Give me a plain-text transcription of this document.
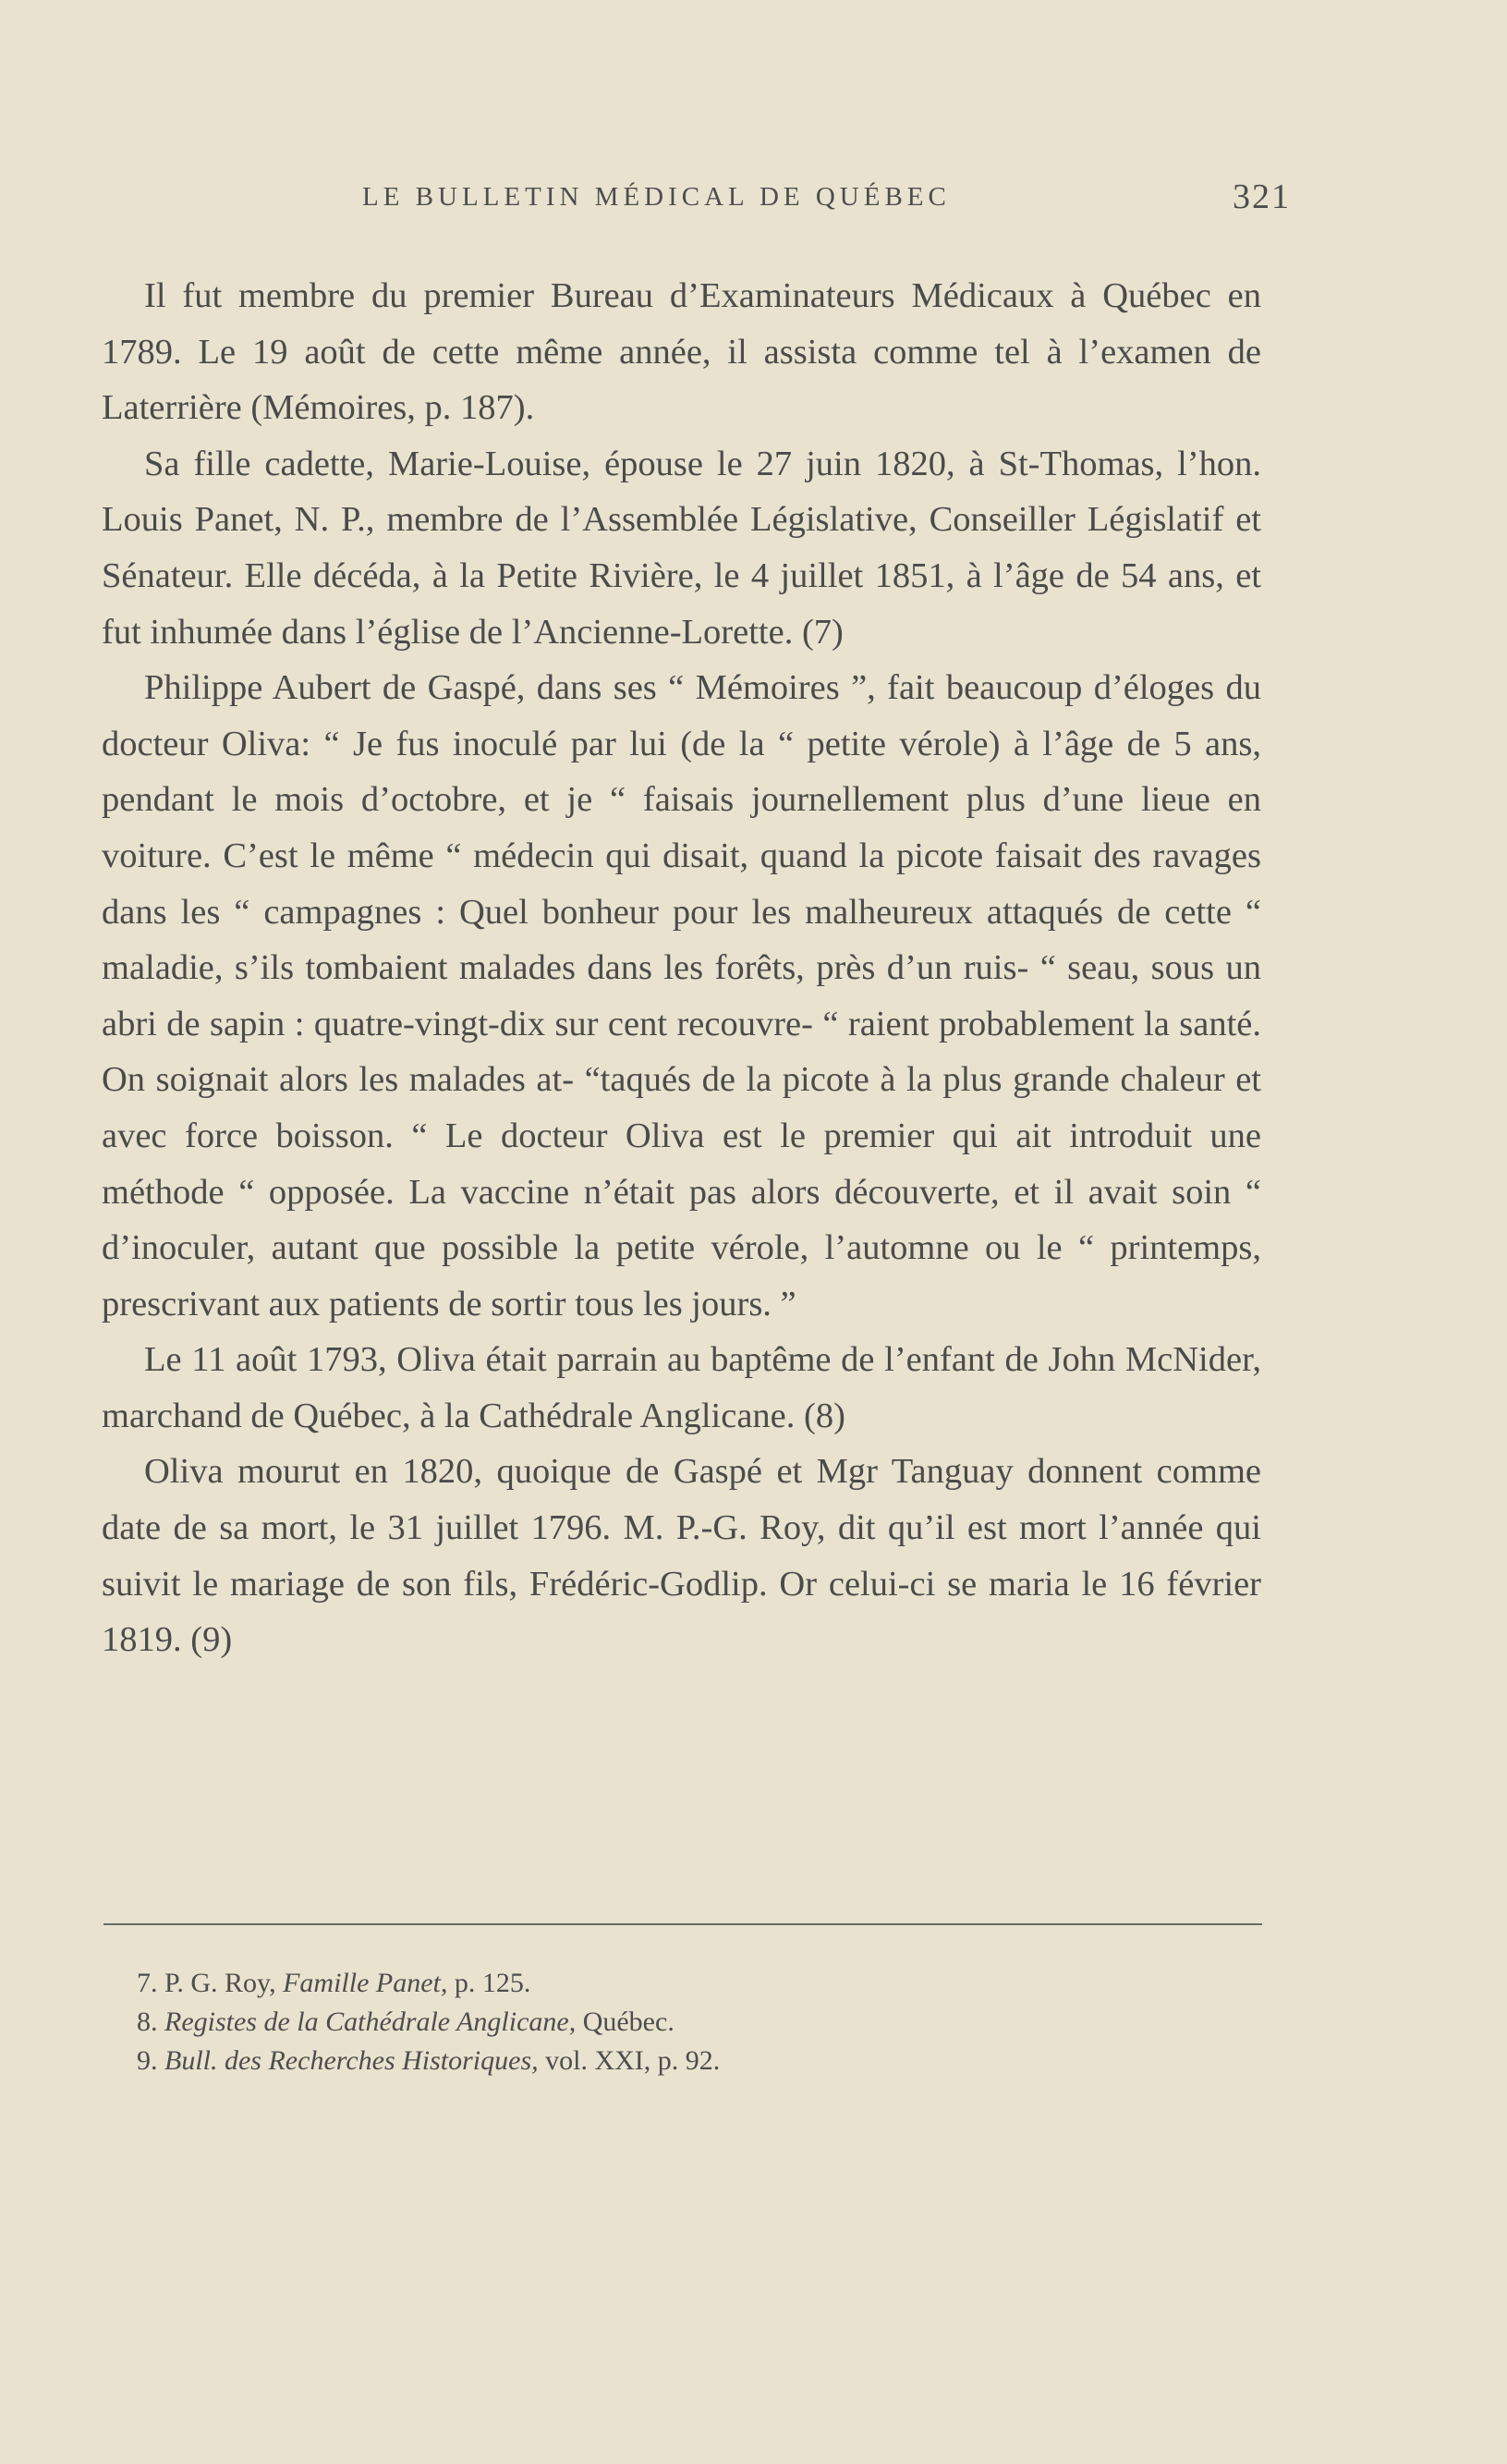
LE BULLETIN MÉDICAL DE QUÉBEC	321

Il fut membre du premier Bureau d’Examinateurs Médicaux à Québec en 1789. Le 19 août de cette même année, il assista comme tel à l’examen de Laterrière (Mémoires, p. 187).

Sa fille cadette, Marie-Louise, épouse le 27 juin 1820, à St-Thomas, l’hon. Louis Panet, N. P., membre de l’Assemblée Législative, Conseiller Législatif et Sénateur. Elle décéda, à la Petite Rivière, le 4 juillet 1851, à l’âge de 54 ans, et fut inhumée dans l’église de l’Ancienne-Lorette. (7)

Philippe Aubert de Gaspé, dans ses “ Mémoires ”, fait beaucoup d’éloges du docteur Oliva: “ Je fus inoculé par lui (de la “ petite vérole) à l’âge de 5 ans, pendant le mois d’octobre, et je “ faisais journellement plus d’une lieue en voiture. C’est le même “ médecin qui disait, quand la picote faisait des ravages dans les “ campagnes : Quel bonheur pour les malheureux attaqués de cette “ maladie, s’ils tombaient malades dans les forêts, près d’un ruis- “ seau, sous un abri de sapin : quatre-vingt-dix sur cent recouvre- “ raient probablement la santé. On soignait alors les malades at- “taqués de la picote à la plus grande chaleur et avec force boisson. “ Le docteur Oliva est le premier qui ait introduit une méthode “ opposée. La vaccine n’était pas alors découverte, et il avait soin “ d’inoculer, autant que possible la petite vérole, l’automne ou le “ printemps, prescrivant aux patients de sortir tous les jours. ”

Le 11 août 1793, Oliva était parrain au baptême de l’enfant de John McNider, marchand de Québec, à la Cathédrale Anglicane. (8)

Oliva mourut en 1820, quoique de Gaspé et Mgr Tanguay donnent comme date de sa mort, le 31 juillet 1796. M. P.-G. Roy, dit qu’il est mort l’année qui suivit le mariage de son fils, Frédéric-Godlip. Or celui-ci se maria le 16 février 1819. (9)

7. P. G. Roy, Famille Panet, p. 125.

8. Registes de la Cathédrale Anglicane, Québec.

9. Bull. des Recherches Historiques, vol. XXI, p. 92.
